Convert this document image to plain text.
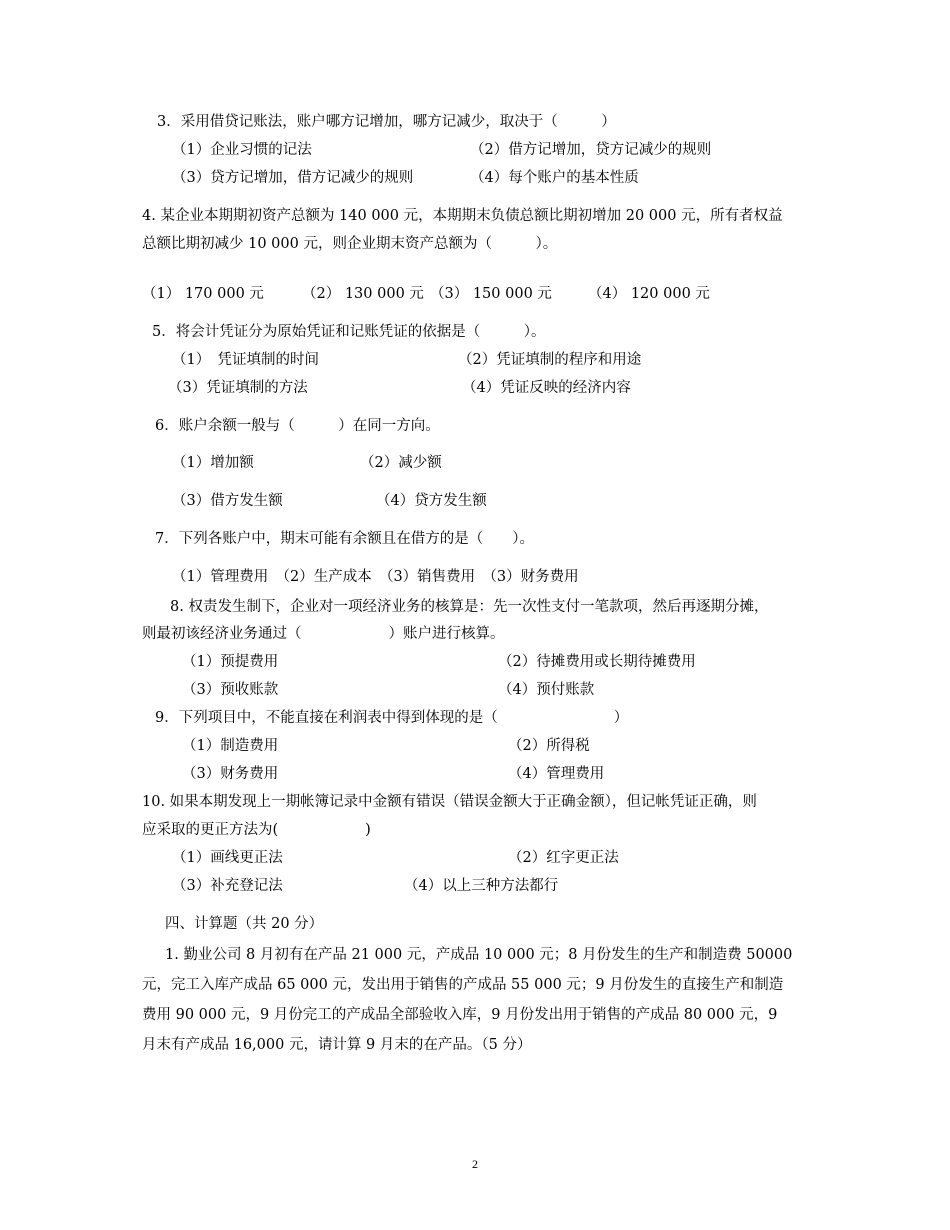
3．采用借贷记账法，账户哪方记增加，哪方记减少，取决于（　　　）
（1）企业习惯的记法	（2）借方记增加，贷方记减少的规则
（3）贷方记增加，借方记减少的规则	（4）每个账户的基本性质
4. 某企业本期期初资产总额为 140 000 元，本期期末负债总额比期初增加 20 000 元，所有者权益
总额比期初减少 10 000 元，则企业期末资产总额为（　　　）。
（1） 170 000 元	（2） 130 000 元 （3） 150 000 元 （4） 120 000 元
5．将会计凭证分为原始凭证和记账凭证的依据是（　　　）。
（1）　凭证填制的时间	（2）凭证填制的程序和用途
（3）凭证填制的方法	（4）凭证反映的经济内容
6．账户余额一般与（　　　）在同一方向。
（1）增加额	（2）减少额
（3）借方发生额	（4）贷方发生额
7．下列各账户中，期末可能有余额且在借方的是（　　）。
（1）管理费用　（2）生产成本　（3）销售费用　（3）财务费用
8. 权责发生制下，企业对一项经济业务的核算是：先一次性支付一笔款项，然后再逐期分摊，
则最初该经济业务通过（　　　　　　）账户进行核算。
（1）预提费用	（2）待摊费用或长期待摊费用
（3）预收账款	（4）预付账款
9．下列项目中，不能直接在利润表中得到体现的是（　　　　　　　　）
（1）制造费用	（2）所得税
（3）财务费用	（4）管理费用
10. 如果本期发现上一期帐簿记录中金额有错误（错误金额大于正确金额），但记帐凭证正确，则
应采取的更正方法为(　　　　　　)
（1）画线更正法	（2）红字更正法
（3）补充登记法	（4）以上三种方法都行
四、计算题（共 20 分）
1. 勤业公司 8 月初有在产品 21 000 元，产成品 10 000 元；8 月份发生的生产和制造费 50000
元，完工入库产成品 65 000 元，发出用于销售的产成品 55 000 元；9 月份发生的直接生产和制造
费用 90 000 元，9 月份完工的产成品全部验收入库，9 月份发出用于销售的产成品 80 000 元，9
月末有产成品 16,000 元，请计算 9 月末的在产品。（5 分）
2
